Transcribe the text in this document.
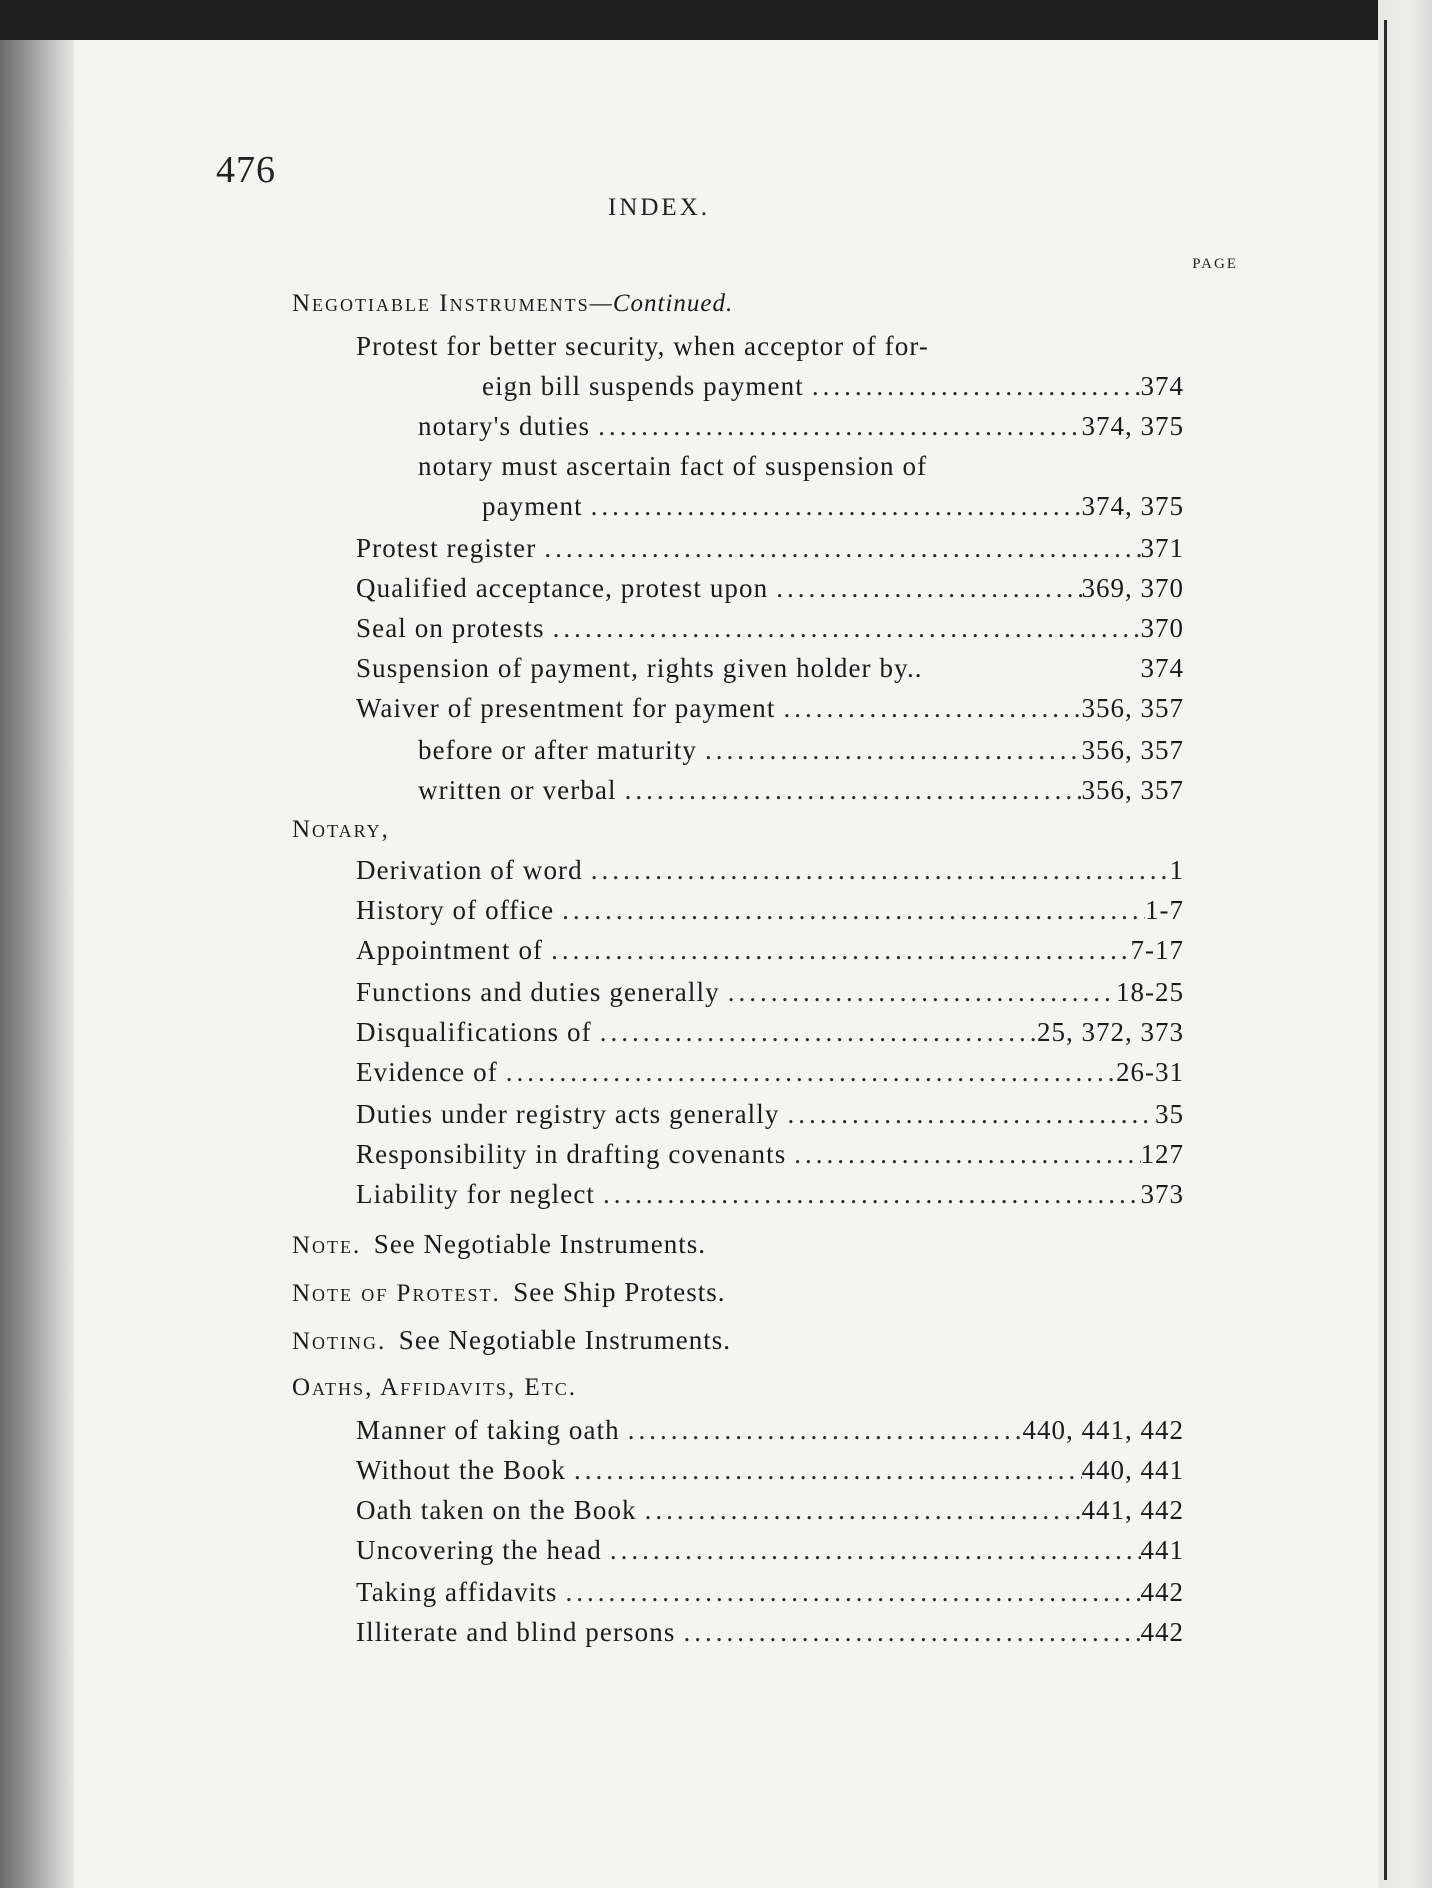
476
INDEX.
PAGE
Negotiable Instruments—Continued.
Protest for better security, when acceptor of for-
eign bill suspends payment .....	374
notary's duties .....	374, 375
notary must ascertain fact of suspension of
payment .....	374, 375
Protest register .....	371
Qualified acceptance, protest upon .....	369, 370
Seal on protests .....	370
Suspension of payment, rights given holder by..	374
Waiver of presentment for payment .....	356, 357
before or after maturity .....	356, 357
written or verbal .....	356, 357
Notary,
Derivation of word .....	1
History of office .....	1-7
Appointment of .....	7-17
Functions and duties generally .....	18-25
Disqualifications of .....	25, 372, 373
Evidence of .....	26-31
Duties under registry acts generally .....	35
Responsibility in drafting covenants .....	127
Liability for neglect .....	373
Note. See Negotiable Instruments.
Note of Protest. See Ship Protests.
Noting. See Negotiable Instruments.
Oaths, Affidavits, Etc.
Manner of taking oath .....	440, 441, 442
Without the Book .....	440, 441
Oath taken on the Book .....	441, 442
Uncovering the head .....	441
Taking affidavits .....	442
Illiterate and blind persons .....	442
